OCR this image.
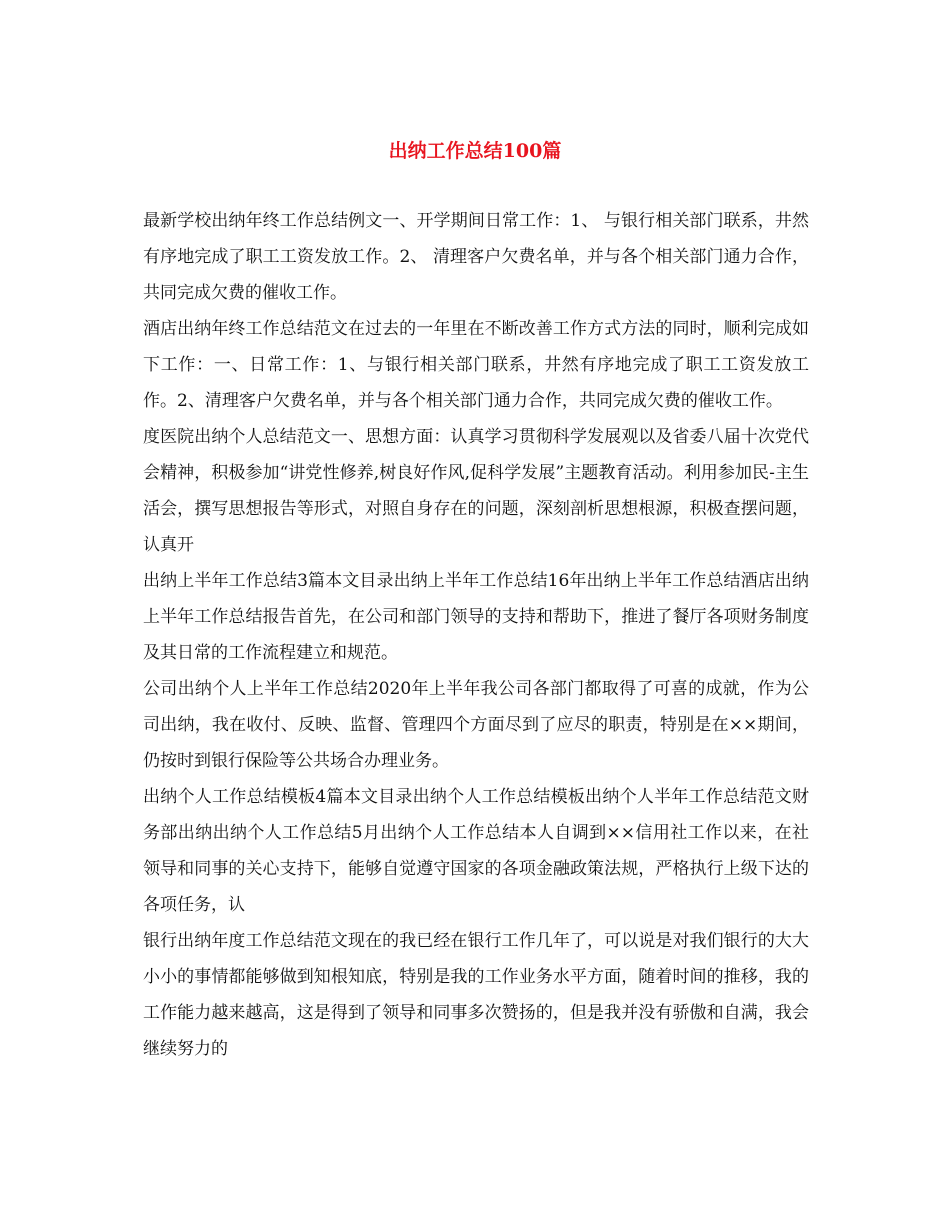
出纳工作总结100篇

最新学校出纳年终工作总结例文一、开学期间日常工作：1、 与银行相关部门联系，井然有序地完成了职工工资发放工作。2、 清理客户欠费名单，并与各个相关部门通力合作，共同完成欠费的催收工作。

酒店出纳年终工作总结范文在过去的一年里在不断改善工作方式方法的同时，顺利完成如下工作：一、日常工作：1、与银行相关部门联系，井然有序地完成了职工工资发放工作。2、清理客户欠费名单，并与各个相关部门通力合作，共同完成欠费的催收工作。

度医院出纳个人总结范文一、思想方面：认真学习贯彻科学发展观以及省委八届十次党代会精神，积极参加“讲党性修养,树良好作风,促科学发展”主题教育活动。利用参加民-主生活会，撰写思想报告等形式，对照自身存在的问题，深刻剖析思想根源，积极查摆问题，认真开

出纳上半年工作总结3篇本文目录出纳上半年工作总结16年出纳上半年工作总结酒店出纳上半年工作总结报告首先，在公司和部门领导的支持和帮助下，推进了餐厅各项财务制度及其日常的工作流程建立和规范。

公司出纳个人上半年工作总结2020年上半年我公司各部门都取得了可喜的成就，作为公司出纳，我在收付、反映、监督、管理四个方面尽到了应尽的职责，特别是在××期间，仍按时到银行保险等公共场合办理业务。

出纳个人工作总结模板4篇本文目录出纳个人工作总结模板出纳个人半年工作总结范文财务部出纳出纳个人工作总结5月出纳个人工作总结本人自调到××信用社工作以来，在社领导和同事的关心支持下，能够自觉遵守国家的各项金融政策法规，严格执行上级下达的各项任务，认

银行出纳年度工作总结范文现在的我已经在银行工作几年了，可以说是对我们银行的大大小小的事情都能够做到知根知底，特别是我的工作业务水平方面，随着时间的推移，我的工作能力越来越高，这是得到了领导和同事多次赞扬的，但是我并没有骄傲和自满，我会继续努力的
